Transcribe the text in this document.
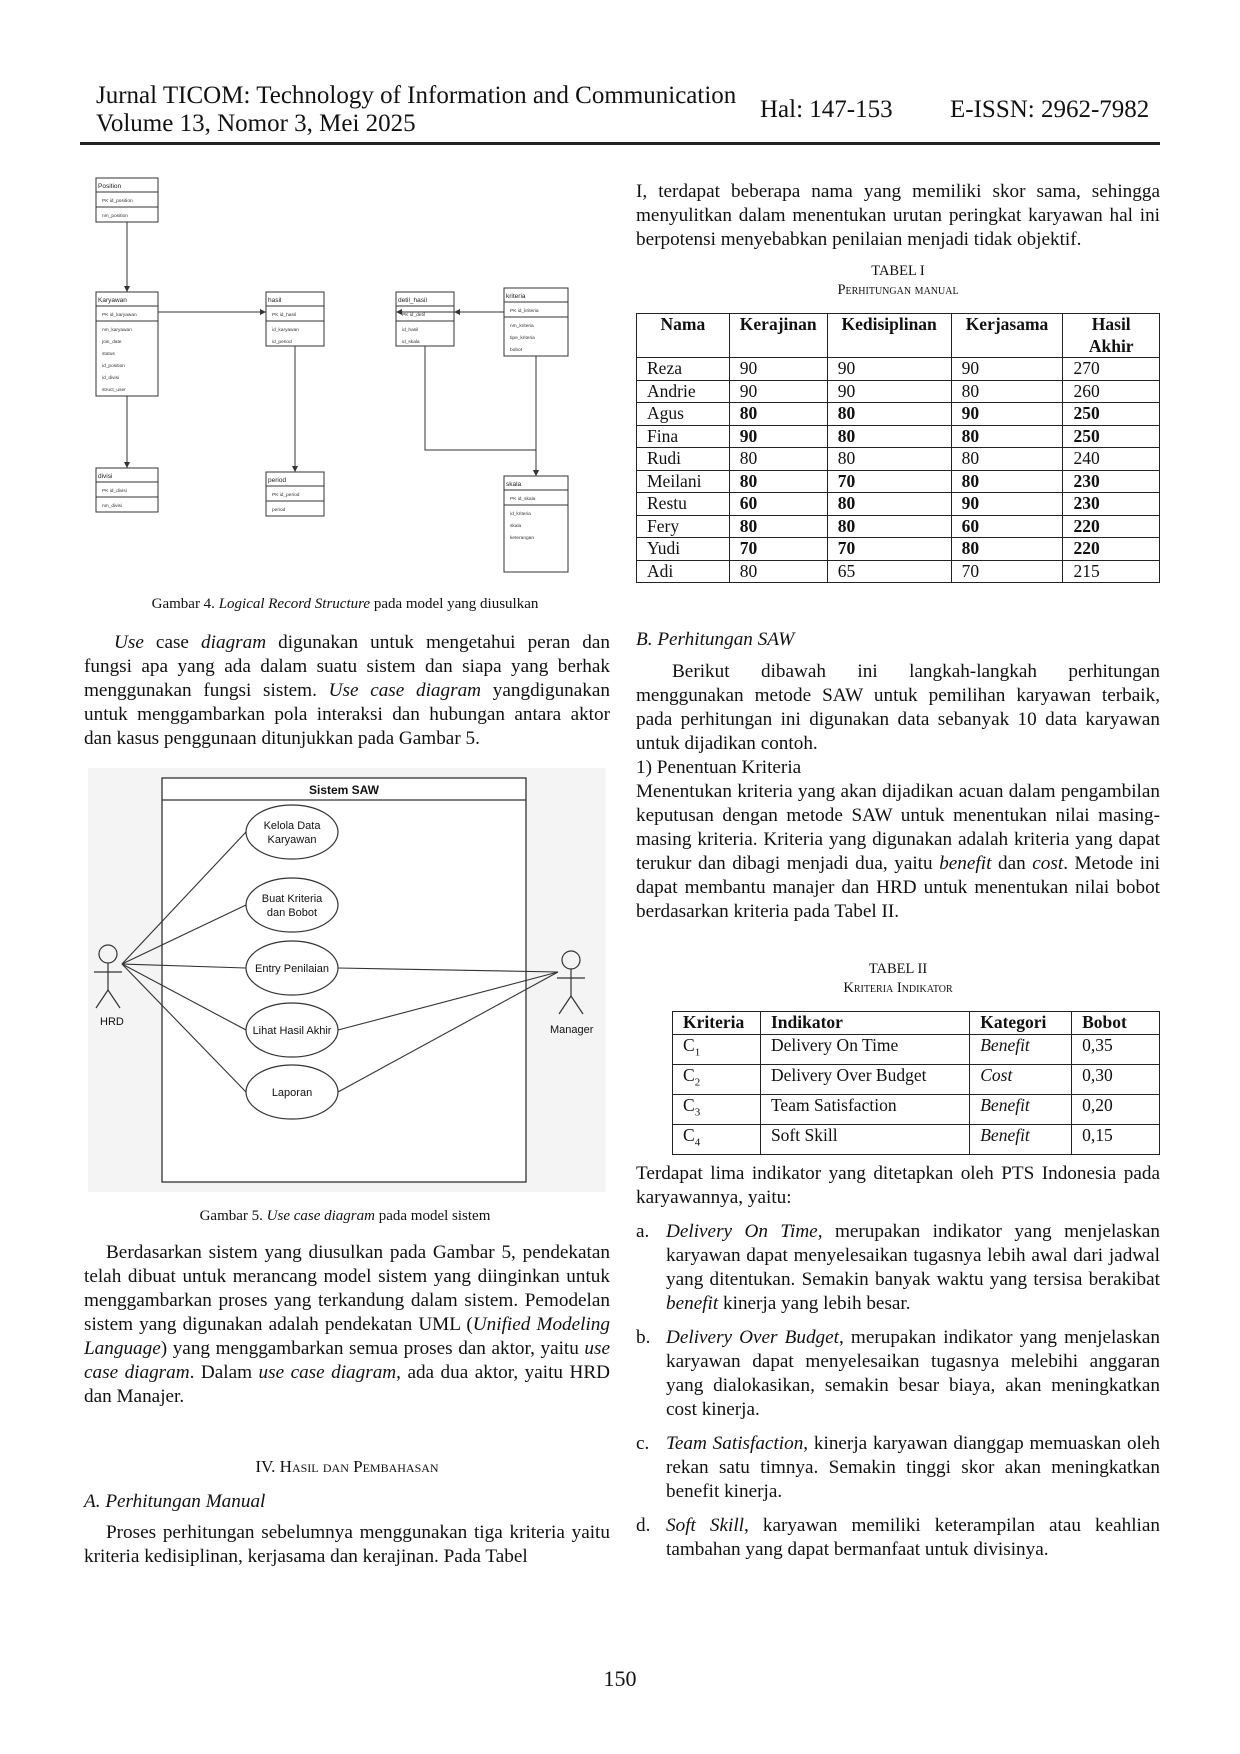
Jurnal TICOM: Technology of Information and Communication
Volume 13, Nomor 3, Mei 2025
Hal: 147-153 E-ISSN: 2962-7982
Position
PK id_position
nm_position
Karyawan
PK id_karyawan
nm_karyawan
join_date
status
id_position
id_divisi
struct_user
hasil
PK id_hasil
id_karyawan
id_period
detil_hasil
PK id_detil
id_hasil
id_skala
kriteria
PK id_kriteria
nm_kriteria
tipe_kriteria
bobot
divisi
PK id_divisi
nm_divisi
period
PK id_period
period
skala
PK id_skala
id_kriteria
skala
keterangan
Gambar 4. Logical Record Structure pada model yang diusulkan

Use case diagram digunakan untuk mengetahui peran dan fungsi apa yang ada dalam suatu sistem dan siapa yang berhak menggunakan fungsi sistem. Use case diagram yangdigunakan untuk menggambarkan pola interaksi dan hubungan antara aktor dan kasus penggunaan ditunjukkan pada Gambar 5.

Sistem SAW
Kelola Data
Karyawan
Buat Kriteria
dan Bobot
Entry Penilaian
Lihat Hasil Akhir
Laporan
HRD
Manager
Gambar 5. Use case diagram pada model sistem

Berdasarkan sistem yang diusulkan pada Gambar 5, pendekatan telah dibuat untuk merancang model sistem yang diinginkan untuk menggambarkan proses yang terkandung dalam sistem. Pemodelan sistem yang digunakan adalah pendekatan UML (Unified Modeling Language) yang menggambarkan semua proses dan aktor, yaitu use case diagram. Dalam use case diagram, ada dua aktor, yaitu HRD dan Manajer.

IV. Hasil dan Pembahasan
A. Perhitungan Manual

Proses perhitungan sebelumnya menggunakan tiga kriteria yaitu kriteria kedisiplinan, kerjasama dan kerajinan. Pada Tabel

I, terdapat beberapa nama yang memiliki skor sama, sehingga menyulitkan dalam menentukan urutan peringkat karyawan hal ini berpotensi menyebabkan penilaian menjadi tidak objektif.

TABEL I
Perhitungan manual
Nama	Kerajinan	Kedisiplinan	Kerjasama	Hasil Akhir
Reza	90	90	90	270
Andrie	90	90	80	260
Agus	80	80	90	250
Fina	90	80	80	250
Rudi	80	80	80	240
Meilani	80	70	80	230
Restu	60	80	90	230
Fery	80	80	60	220
Yudi	70	70	80	220
Adi	80	65	70	215
B. Perhitungan SAW

Berikut dibawah ini langkah-langkah perhitungan menggunakan metode SAW untuk pemilihan karyawan terbaik, pada perhitungan ini digunakan data sebanyak 10 data karyawan untuk dijadikan contoh.

1) Penentuan Kriteria

Menentukan kriteria yang akan dijadikan acuan dalam pengambilan keputusan dengan metode SAW untuk menentukan nilai masing-masing kriteria. Kriteria yang digunakan adalah kriteria yang dapat terukur dan dibagi menjadi dua, yaitu benefit dan cost. Metode ini dapat membantu manajer dan HRD untuk menentukan nilai bobot berdasarkan kriteria pada Tabel II.

TABEL II
Kriteria Indikator
Kriteria	Indikator	Kategori	Bobot
$C_1$	Delivery On Time	Benefit	0,35
$C_2$	Delivery Over Budget	Cost	0,30
$C_3$	Team Satisfaction	Benefit	0,20
$C_4$	Soft Skill	Benefit	0,15

Terdapat lima indikator yang ditetapkan oleh PTS Indonesia pada karyawannya, yaitu:

a. Delivery On Time, merupakan indikator yang menjelaskan karyawan dapat menyelesaikan tugasnya lebih awal dari jadwal yang ditentukan. Semakin banyak waktu yang tersisa berakibat benefit kinerja yang lebih besar.
b. Delivery Over Budget, merupakan indikator yang menjelaskan karyawan dapat menyelesaikan tugasnya melebihi anggaran yang dialokasikan, semakin besar biaya, akan meningkatkan cost kinerja.
c. Team Satisfaction, kinerja karyawan dianggap memuaskan oleh rekan satu timnya. Semakin tinggi skor akan meningkatkan benefit kinerja.
d. Soft Skill, karyawan memiliki keterampilan atau keahlian tambahan yang dapat bermanfaat untuk divisinya.
150
